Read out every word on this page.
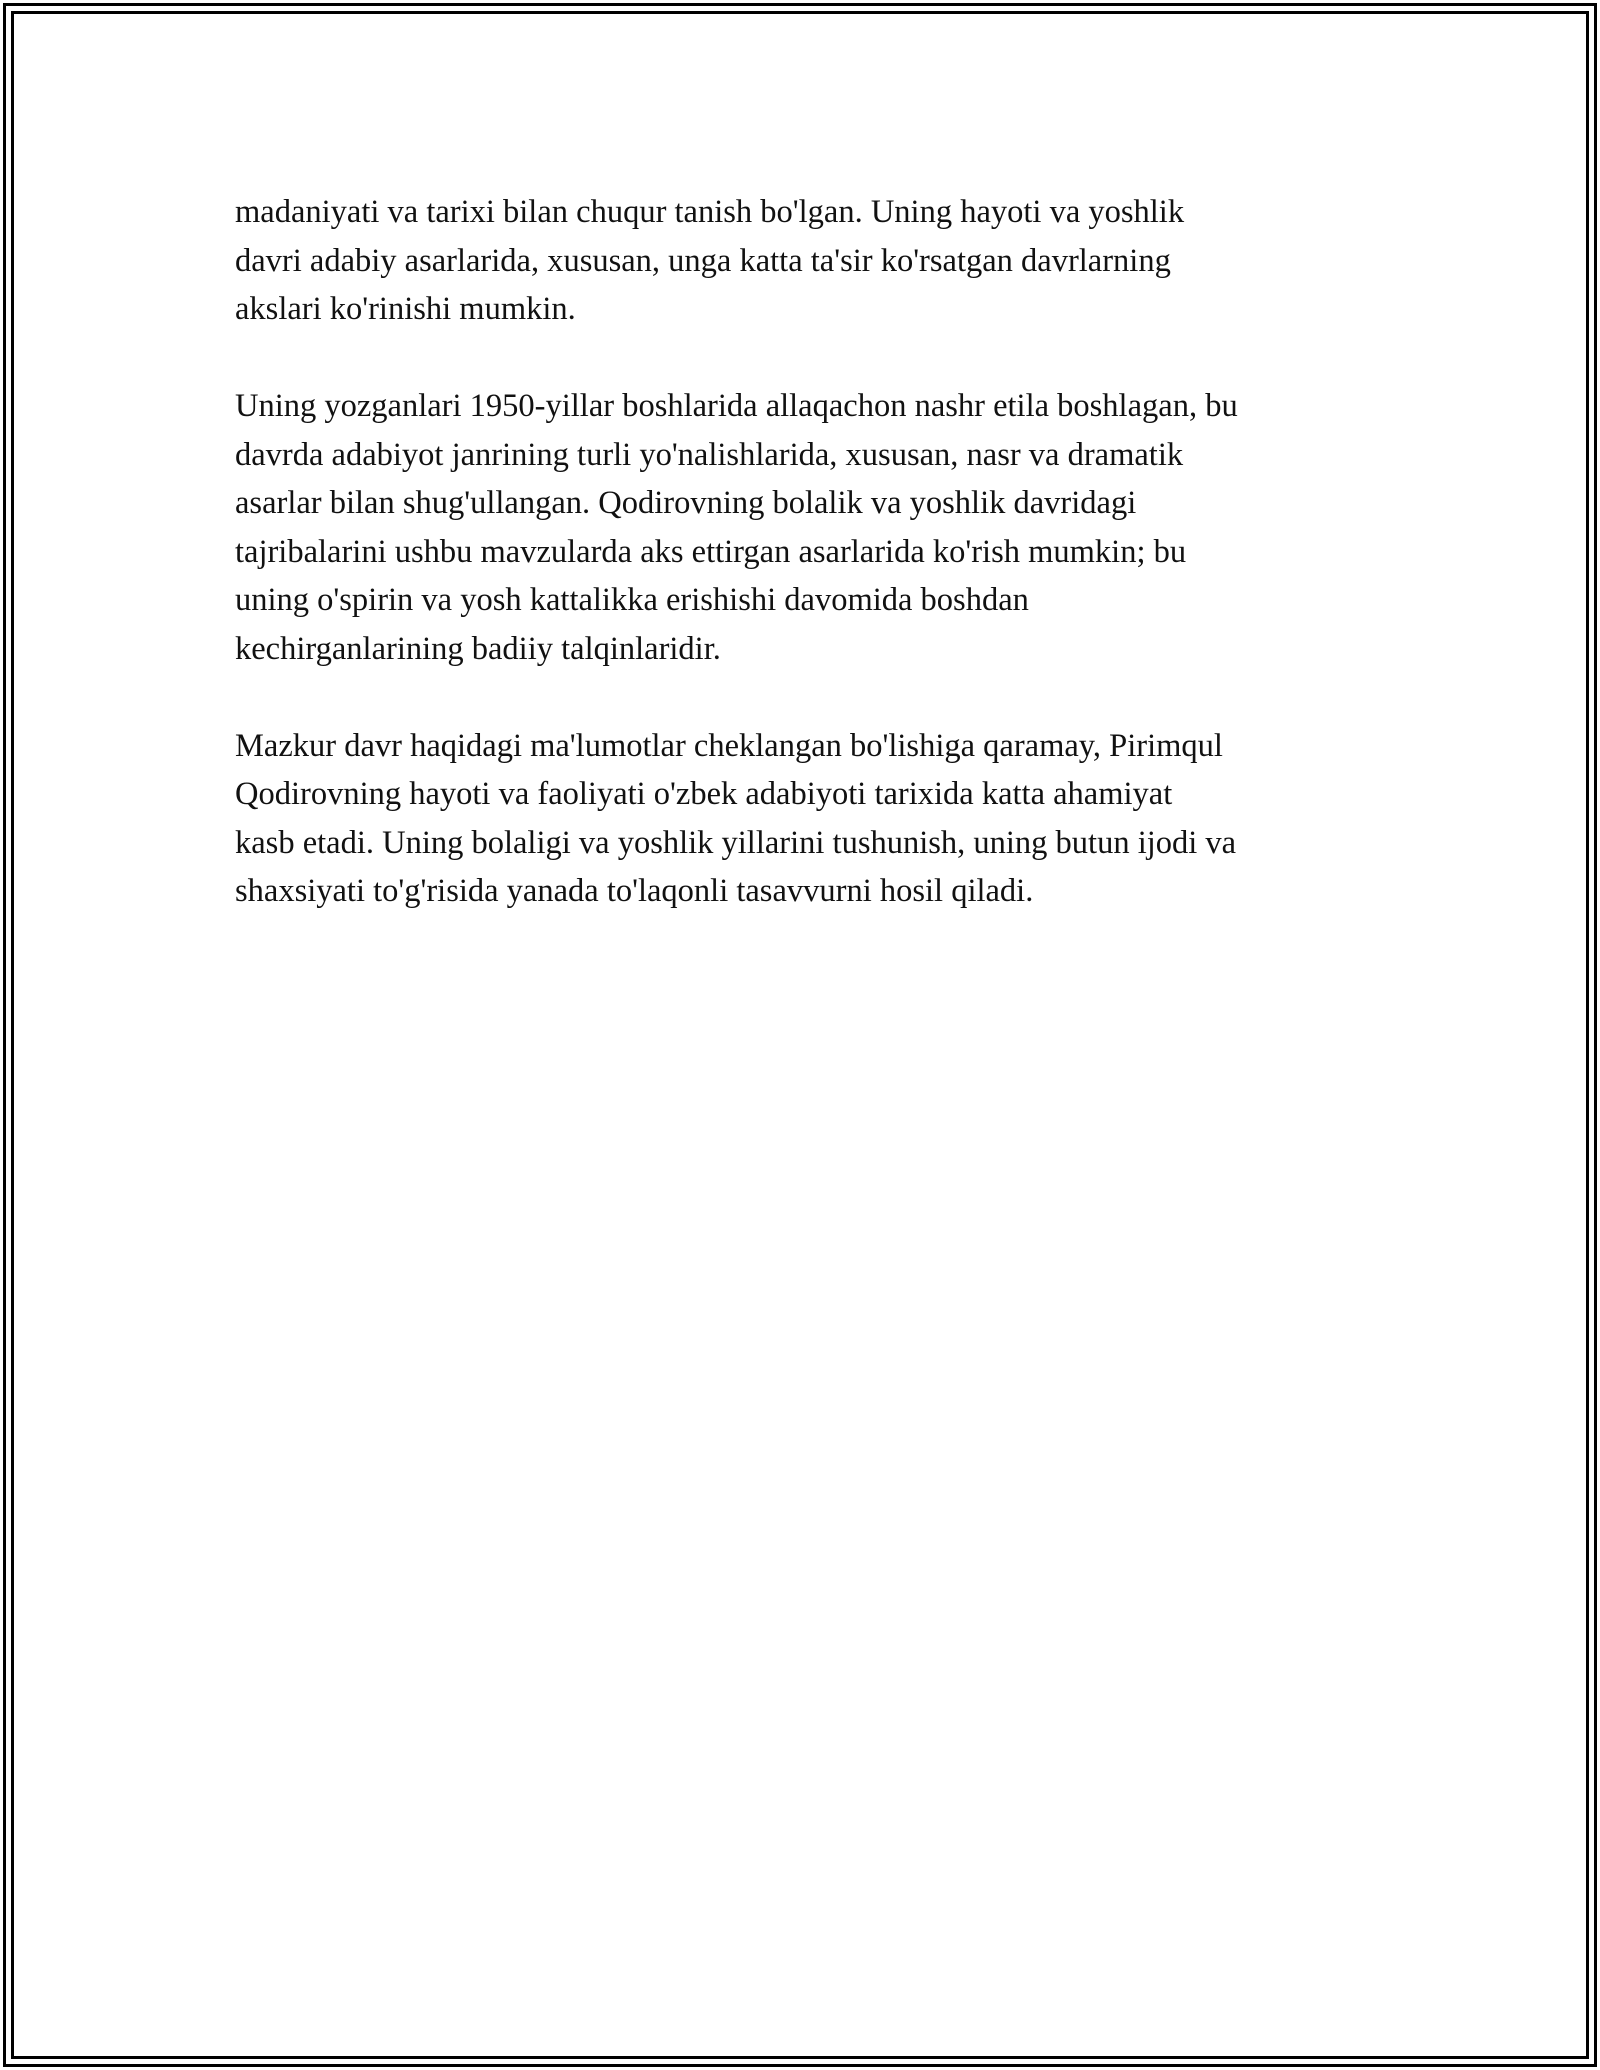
madaniyati va tarixi bilan chuqur tanish bo'lgan. Uning hayoti va yoshlik
davri adabiy asarlarida, xususan, unga katta ta'sir ko'rsatgan davrlarning
akslari ko'rinishi mumkin.

Uning yozganlari 1950-yillar boshlarida allaqachon nashr etila boshlagan, bu
davrda adabiyot janrining turli yo'nalishlarida, xususan, nasr va dramatik
asarlar bilan shug'ullangan. Qodirovning bolalik va yoshlik davridagi
tajribalarini ushbu mavzularda aks ettirgan asarlarida ko'rish mumkin; bu
uning o'spirin va yosh kattalikka erishishi davomida boshdan
kechirganlarining badiiy talqinlaridir.

Mazkur davr haqidagi ma'lumotlar cheklangan bo'lishiga qaramay, Pirimqul
Qodirovning hayoti va faoliyati o'zbek adabiyoti tarixida katta ahamiyat
kasb etadi. Uning bolaligi va yoshlik yillarini tushunish, uning butun ijodi va
shaxsiyati to'g'risida yanada to'laqonli tasavvurni hosil qiladi.
